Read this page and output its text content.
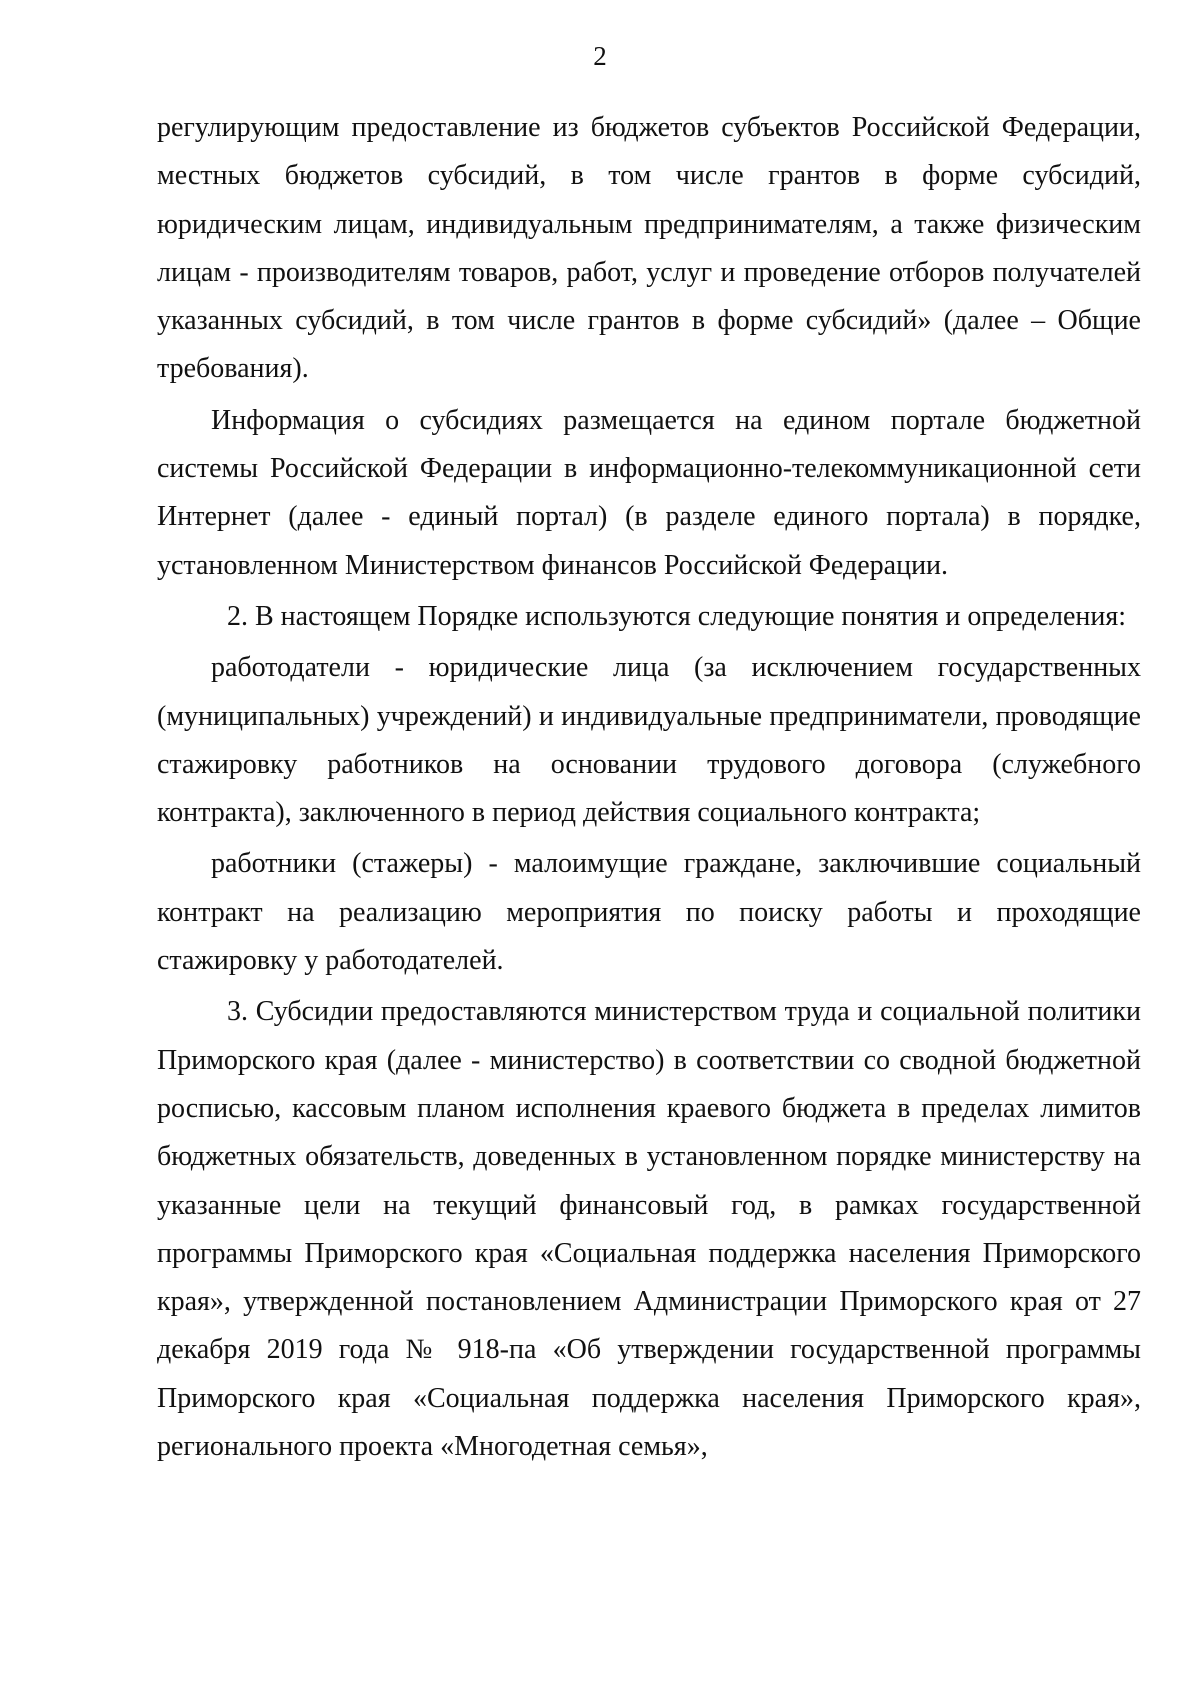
2

регулирующим предоставление из бюджетов субъектов Российской Федерации, местных бюджетов субсидий, в том числе грантов в форме субсидий, юридическим лицам, индивидуальным предпринимателям, а также физическим лицам - производителям товаров, работ, услуг и проведение отборов получателей указанных субсидий, в том числе грантов в форме субсидий» (далее – Общие требования).

Информация о субсидиях размещается на едином портале бюджетной системы Российской Федерации в информационно-телекоммуникационной сети Интернет (далее - единый портал) (в разделе единого портала) в порядке, установленном Министерством финансов Российской Федерации.

2. В настоящем Порядке используются следующие понятия и определения:

работодатели - юридические лица (за исключением государственных (муниципальных) учреждений) и индивидуальные предприниматели, проводящие стажировку работников на основании трудового договора (служебного контракта), заключенного в период действия социального контракта;

работники (стажеры) - малоимущие граждане, заключившие социальный контракт на реализацию мероприятия по поиску работы и проходящие стажировку у работодателей.

3. Субсидии предоставляются министерством труда и социальной политики Приморского края (далее - министерство) в соответствии со сводной бюджетной росписью, кассовым планом исполнения краевого бюджета в пределах лимитов бюджетных обязательств, доведенных в установленном порядке министерству на указанные цели на текущий финансовый год, в рамках государственной программы Приморского края «Социальная поддержка населения Приморского края», утвержденной постановлением Администрации Приморского края от 27 декабря 2019 года № 918-па «Об утверждении государственной программы Приморского края «Социальная поддержка населения Приморского края», регионального проекта «Многодетная семья»,
